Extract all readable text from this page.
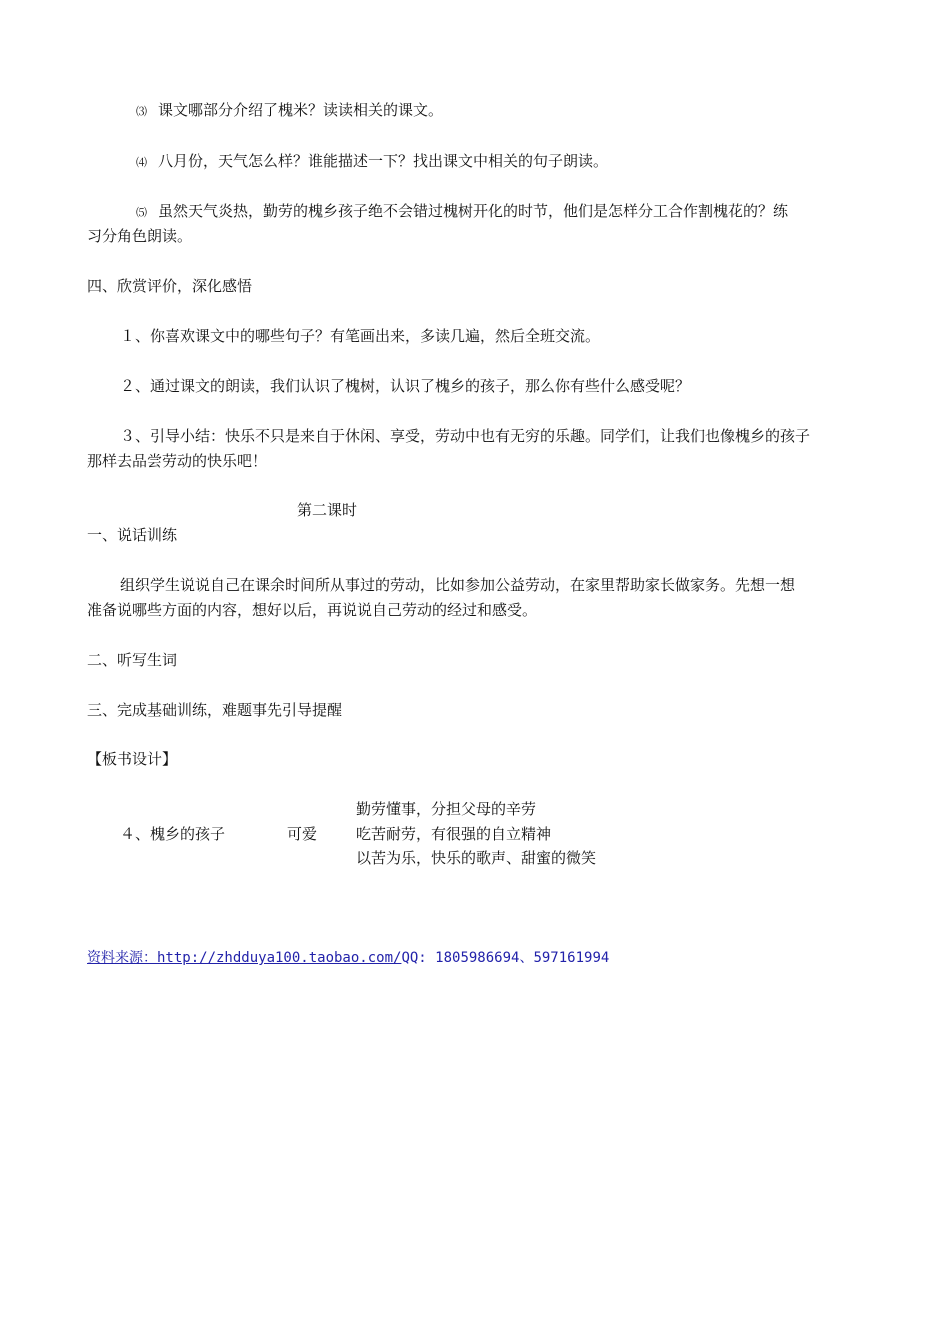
⑶ 课文哪部分介绍了槐米？读读相关的课文。
⑷ 八月份，天气怎么样？谁能描述一下？找出课文中相关的句子朗读。
⑸ 虽然天气炎热，勤劳的槐乡孩子绝不会错过槐树开化的时节，他们是怎样分工合作割槐花的？练
习分角色朗读。
四、欣赏评价，深化感悟
１、你喜欢课文中的哪些句子？有笔画出来，多读几遍，然后全班交流。
２、通过课文的朗读，我们认识了槐树，认识了槐乡的孩子，那么你有些什么感受呢？
３、引导小结：快乐不只是来自于休闲、享受，劳动中也有无穷的乐趣。同学们，让我们也像槐乡的孩子
那样去品尝劳动的快乐吧！
第二课时
一、说话训练
组织学生说说自己在课余时间所从事过的劳动，比如参加公益劳动，在家里帮助家长做家务。先想一想
准备说哪些方面的内容，想好以后，再说说自己劳动的经过和感受。
二、听写生词
三、完成基础训练，难题事先引导提醒
【板书设计】
勤劳懂事，分担父母的辛劳
４、槐乡的孩子	可爱	吃苦耐劳，有很强的自立精神
以苦为乐，快乐的歌声、甜蜜的微笑
资料来源：http://zhdduya100.taobao.com/QQ: 1805986694、597161994
